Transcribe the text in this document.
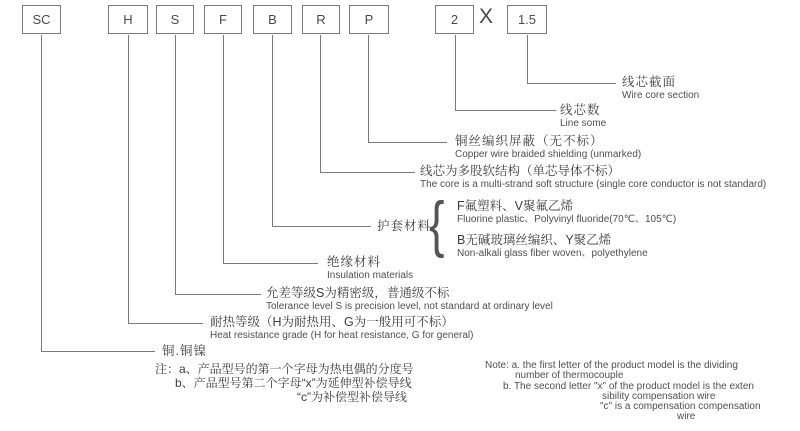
SC	H	S	F	B	R	P	2	1.5
X
线芯截面
Wire core section
线芯数
Line some
铜丝编织屏蔽（无不标）
Copper wire braided shielding (unmarked)
线芯为多股软结构（单芯导体不标）
The core is a multi-strand soft structure (single core conductor is not standard)
护套材料
{ F氟塑料、V聚氟乙烯
Fluorine plastic、Polyvinyl fluoride(70℃、105℃)
B无碱玻璃丝编织、Y聚乙烯
Non-alkali glass fiber woven、polyethylene
绝缘材料
Insulation materials
允差等级S为精密级，普通级不标
Tolerance level S is precision level, not standard at ordinary level
耐热等级（H为耐热用、G为一般用可不标）
Heat resistance grade (H for heat resistance, G for general)
铜.铜镍
注：a、产品型号的第一个字母为热电偶的分度号
b、产品型号第二个字母“x”为延伸型补偿导线
“c”为补偿型补偿导线
Note: a. the first letter of the product model is the dividing
number of thermocouple
b. The second letter "x" of the product model is the exten
sibility compensation wire
"c" is a compensation compensation
wire
